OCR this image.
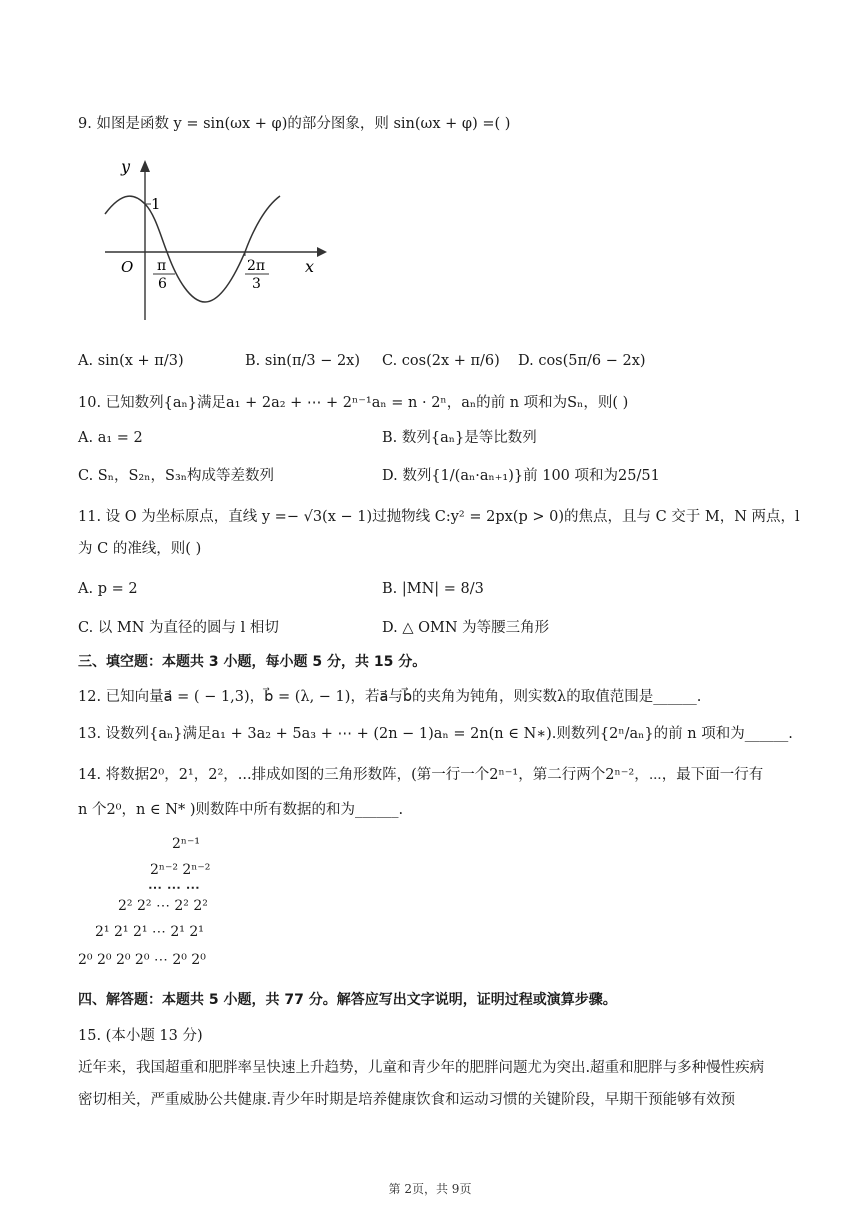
9. 如图是函数 y = sin(ωx + φ)的部分图象，则 sin(ωx + φ) =( )
y
1
O	x
π
6
2π
3
A. sin(x + π/3)	B. sin(π/3 − 2x) C. cos(2x + π/6) D. cos(5π/6 − 2x)
10. 已知数列{aₙ}满足a₁ + 2a₂ + ⋯ + 2ⁿ⁻¹aₙ = n · 2ⁿ，aₙ的前 n 项和为Sₙ，则( )
A. a₁ = 2	B. 数列{aₙ}是等比数列
C. Sₙ，S₂ₙ，S₃ₙ构成等差数列	D. 数列{1/(aₙ·aₙ₊₁)}前 100 项和为25/51
11. 设 O 为坐标原点，直线 y =− √3(x − 1)过抛物线 C:y² = 2px(p > 0)的焦点，且与 C 交于 M，N 两点，l
为 C 的准线，则( )
A. p = 2	B. |MN| = 8/3
C. 以 MN 为直径的圆与 l 相切	D. △ OMN 为等腰三角形
三、填空题：本题共 3 小题，每小题 5 分，共 15 分。
12. 已知向量a⃗ = ( − 1,3)，b⃗ = (λ, − 1)，若a⃗与b⃗的夹角为钝角，则实数λ的取值范围是______.
13. 设数列{aₙ}满足a₁ + 3a₂ + 5a₃ + ⋯ + (2n − 1)aₙ = 2n(n ∈ N∗).则数列{2ⁿ/aₙ}的前 n 项和为______.
14. 将数据2⁰，2¹，2²，...排成如图的三角形数阵，(第一行一个2ⁿ⁻¹，第二行两个2ⁿ⁻²，⋯，最下面一行有
n 个2⁰，n ∈ N* )则数阵中所有数据的和为______.
2ⁿ⁻¹
2ⁿ⁻² 2ⁿ⁻²
⋯ ⋯ ⋯
2² 2² ⋯ 2² 2²
2¹ 2¹ 2¹ ⋯ 2¹ 2¹
2⁰ 2⁰ 2⁰ 2⁰ ⋯ 2⁰ 2⁰
四、解答题：本题共 5 小题，共 77 分。解答应写出文字说明，证明过程或演算步骤。
15. (本小题 13 分)
近年来，我国超重和肥胖率呈快速上升趋势，儿童和青少年的肥胖问题尤为突出.超重和肥胖与多种慢性疾病密切相关，严重威胁公共健康.青少年时期是培养健康饮食和运动习惯的关键阶段，早期干预能够有效预
第 2页，共 9页
